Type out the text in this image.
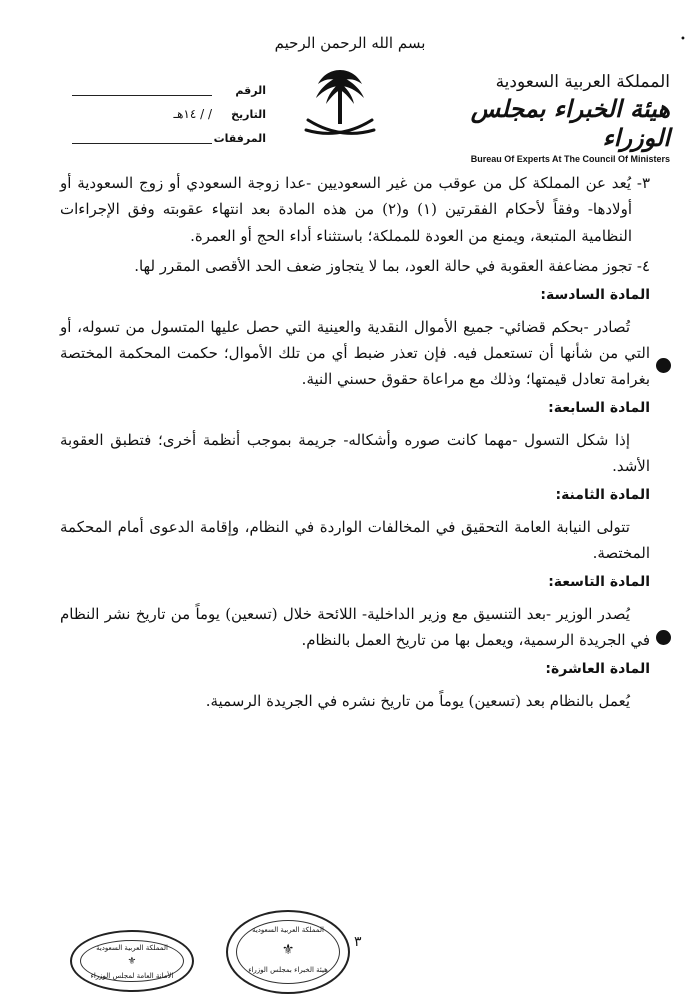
•
بسم الله الرحمن الرحيم
المملكة العربية السعودية
هيئة الخبراء بمجلس الوزراء
Bureau Of Experts At The Council Of Ministers
الرقم
التاريخ
/ / ١٤هـ
المرفقات

٣- يُعد عن المملكة كل من عوقب من غير السعوديين -عدا زوجة السعودي أو زوج السعودية أو أولادها- وفقاً لأحكام الفقرتين (١) و(٢) من هذه المادة بعد انتهاء عقوبته وفق الإجراءات النظامية المتبعة، ويمنع من العودة للمملكة؛ باستثناء أداء الحج أو العمرة.

٤- تجوز مضاعفة العقوبة في حالة العود، بما لا يتجاوز ضعف الحد الأقصى المقرر لها.

المادة السادسة:

تُصادر -بحكم قضائي- جميع الأموال النقدية والعينية التي حصل عليها المتسول من تسوله، أو التي من شأنها أن تستعمل فيه. فإن تعذر ضبط أي من تلك الأموال؛ حكمت المحكمة المختصة بغرامة تعادل قيمتها؛ وذلك مع مراعاة حقوق حسني النية.

المادة السابعة:

إذا شكل التسول -مهما كانت صوره وأشكاله- جريمة بموجب أنظمة أخرى؛ فتطبق العقوبة الأشد.

المادة الثامنة:

تتولى النيابة العامة التحقيق في المخالفات الواردة في النظام، وإقامة الدعوى أمام المحكمة المختصة.

المادة التاسعة:

يُصدر الوزير -بعد التنسيق مع وزير الداخلية- اللائحة خلال (تسعين) يوماً من تاريخ نشر النظام في الجريدة الرسمية، ويعمل بها من تاريخ العمل بالنظام.

المادة العاشرة:

يُعمل بالنظام بعد (تسعين) يوماً من تاريخ نشره في الجريدة الرسمية.

٣
المملكة العربية السعودية
⚜
الأمانة العامة لمجلس الوزراء
المملكة العربية السعودية
⚜
هيئة الخبراء بمجلس الوزراء
